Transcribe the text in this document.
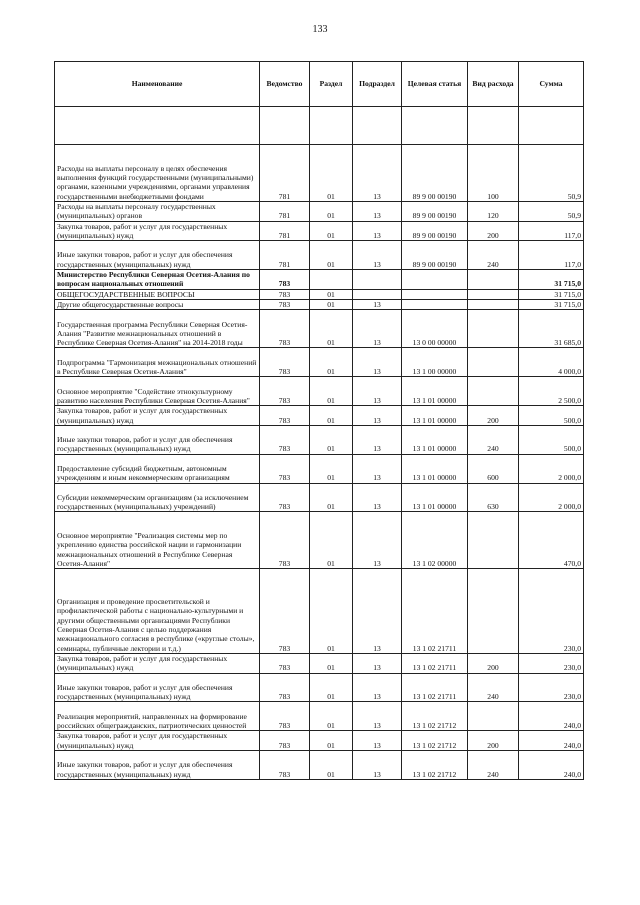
133
Наименование	Ведомство	Раздел	Подраздел	Целевая статья	Вид расхода	Сумма

Расходы на выплаты персоналу в целях обеспечения выполнения функций государственными (муниципальными) органами, казенными учреждениями, органами управления государственными внебюджетными фондами	781	01	13	89 9 00 00190	100	50,9
Расходы на выплаты персоналу государственных (муниципальных) органов	781	01	13	89 9 00 00190	120	50,9
Закупка товаров, работ и услуг для государственных (муниципальных) нужд	781	01	13	89 9 00 00190	200	117,0
Иные закупки товаров, работ и услуг для обеспечения государственных (муниципальных) нужд	781	01	13	89 9 00 00190	240	117,0
Министерство Республики Северная Осетия-Алания по вопросам национальных отношений	783					31 715,0
ОБЩЕГОСУДАРСТВЕННЫЕ ВОПРОСЫ	783	01				31 715,0
Другие общегосударственные вопросы	783	01	13			31 715,0
Государственная программа Республики Северная Осетия-Алания "Развитие межнациональных отношений в Республике Северная Осетия-Алания" на 2014-2018 годы	783	01	13	13 0 00 00000		31 685,0
Подпрограмма "Гармонизация межнациональных отношений в Республике Северная Осетия-Алания"	783	01	13	13 1 00 00000		4 000,0
Основное мероприятие "Содействие этнокультурному развитию населения Республики Северная Осетия-Алания"	783	01	13	13 1 01 00000		2 500,0
Закупка товаров, работ и услуг для государственных (муниципальных) нужд	783	01	13	13 1 01 00000	200	500,0
Иные закупки товаров, работ и услуг для обеспечения государственных (муниципальных) нужд	783	01	13	13 1 01 00000	240	500,0
Предоставление субсидий бюджетным, автономным учреждениям и иным некоммерческим организациям	783	01	13	13 1 01 00000	600	2 000,0
Субсидии некоммерческим организациям (за исключением государственных (муниципальных) учреждений)	783	01	13	13 1 01 00000	630	2 000,0
Основное мероприятие "Реализация системы мер по укреплению единства российской нации и гармонизации межнациональных отношений в Республике Северная Осетия-Алания"	783	01	13	13 1 02 00000		470,0
Организация и проведение просветительской и профилактической работы с национально-культурными и другими общественными организациями Республики Северная Осетия-Алания с целью поддержания межнационального согласия в республике («круглые столы», семинары, публичные лектории и т.д.)	783	01	13	13 1 02 21711		230,0
Закупка товаров, работ и услуг для государственных (муниципальных) нужд	783	01	13	13 1 02 21711	200	230,0
Иные закупки товаров, работ и услуг для обеспечения государственных (муниципальных) нужд	783	01	13	13 1 02 21711	240	230,0
Реализация мероприятий, направленных на формирование российских общегражданских, патриотических ценностей	783	01	13	13 1 02 21712		240,0
Закупка товаров, работ и услуг для государственных (муниципальных) нужд	783	01	13	13 1 02 21712	200	240,0
Иные закупки товаров, работ и услуг для обеспечения государственных (муниципальных) нужд	783	01	13	13 1 02 21712	240	240,0
